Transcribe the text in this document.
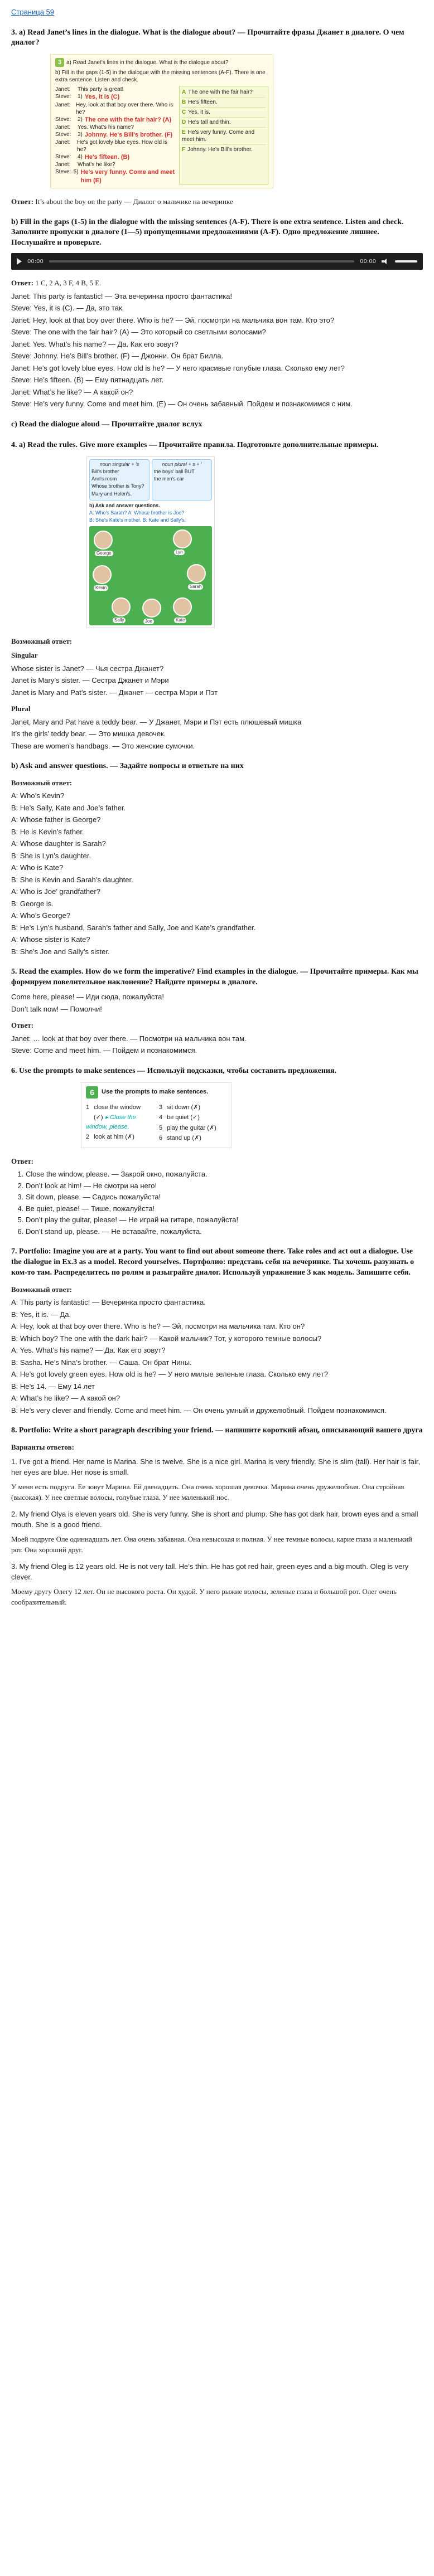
Страница 59
3. a) Read Janet’s lines in the dialogue. What is the dialogue about? — Прочитайте фразы Джанет в диалоге. О чем диалог?

3 a) Read Janet's lines in the dialogue. What is the dialogue about?

b) Fill in the gaps (1-5) in the dialogue with the missing sentences (A-F). There is one extra sentence. Listen and check.

Janet:	This party is great!
Steve:	1) Yes, it is (C)
Janet: Hey, look at that boy over there. Who is he?
Steve:	2) The one with the fair hair? (A)
Janet:	Yes. What's his name?
Steve:	3) Johnny. He's Bill's brother. (F)
Janet:	He's got lovely blue eyes. How old is he?
Steve:	4) He's fifteen. (B)
Janet:	What's he like?
Steve: 5) He's very funny. Come and meet him (E)
A The one with the fair hair?
B He's fifteen.
C Yes, it is.
D He's tall and thin.
E He's very funny. Come and meet him.
F Johnny. He's Bill's brother.

Ответ: It’s about the boy on the party — Диалог о мальчике на вечеринке

b) Fill in the gaps (1-5) in the dialogue with the missing sentences (A-F). There is one extra sentence. Listen and check. Заполните пропуски в диалоге (1—5) пропущенными предложениями (A-F). Одно предложение лишнее. Послушайте и проверьте.
00:00	00:00

Ответ: 1 C, 2 A, 3 F, 4 B, 5 E.

Janet: This party is fantastic! — Эта вечеринка просто фантастика!

Steve: Yes, it is (C). — Да, это так.

Janet: Hey, look at that boy over there. Who is he? — Эй, посмотри на мальчика вон там. Кто это?

Steve: The one with the fair hair? (A) — Это который со светлыми волосами?

Janet: Yes. What’s his name? — Да. Как его зовут?

Steve: Johnny. He’s Bill’s brother. (F) — Джонни. Он брат Билла.

Janet: He’s got lovely blue eyes. How old is he? — У него красивые голубые глаза. Сколько ему лет?

Steve: He’s fifteen. (B) — Ему пятнадцать лет.

Janet: What’s he like? — А какой он?

Steve: He’s very funny. Come and meet him. (E) — Он очень забавный. Пойдем и познакомимся с ним.

c) Read the dialogue aloud — Прочитайте диалог вслух
4. a) Read the rules. Give more examples — Прочитайте правила. Подготовьте дополнительные примеры.
noun singular + 's

Bill's brother

Ann's room

Whose brother is Tony?

Mary and Helen's.

noun plural + s + '

the boys' ball BUT

the men's car

b) Ask and answer questions.

A: Who's Sarah? A: Whose brother is Joe?

B: She's Kate's mother. B: Kate and Sally's.

George	Lyn
Kevin	Sarah
Sally	Joe	Kate

Возможный ответ:

Singular

Whose sister is Janet? — Чья сестра Джанет?

Janet is Mary’s sister. — Сестра Джанет и Мэри

Janet is Mary and Pat’s sister. — Джанет — сестра Мэри и Пэт

Plural

Janet, Mary and Pat have a teddy bear. — У Джанет, Мэри и Пэт есть плюшевый мишка

It’s the girls’ teddy bear. — Это мишка девочек.

These are women’s handbags. — Это женские сумочки.

b) Ask and answer questions. — Задайте вопросы и ответьте на них

Возможный ответ:

A: Who’s Kevin?

B: He’s Sally, Kate and Joe’s father.

A: Whose father is George?

B: He is Kevin’s father.

A: Whose daughter is Sarah?

B: She is Lyn’s daughter.

A: Who is Kate?

B: She is Kevin and Sarah’s daughter.

A: Who is Joe’ grandfather?

B: George is.

A: Who’s George?

B: He’s Lyn’s husband, Sarah’s father and Sally, Joe and Kate’s grandfather.

A: Whose sister is Kate?

B: She’s Joe and Sally’s sister.

5. Read the examples. How do we form the imperative? Find examples in the dialogue. — Прочитайте примеры. Как мы формируем повелительное наклонение? Найдите примеры в диалоге.

Come here, please! — Иди сюда, пожалуйста!

Don’t talk now! — Помолчи!

Ответ:

Janet: … look at that boy over there. — Посмотри на мальчика вон там.

Steve: Come and meet him. — Пойдем и познакомимся.

6. Use the prompts to make sentences — Используй подсказки, чтобы составить предложения.
6	Use the prompts to make sentences.
1 close the window
(✓) ▸ Close the window, please.
2 look at him (✗)
3 sit down (✗)
4 be quiet (✓)
5 play the guitar (✗)
6 stand up (✗)

Ответ:

1. Close the window, please. — Закрой окно, пожалуйста.
2. Don’t look at him! — Не смотри на него!
3. Sit down, please. — Садись пожалуйста!
4. Be quiet, please! — Тише, пожалуйста!
5. Don’t play the guitar, please! — Не играй на гитаре, пожалуйста!
6. Don’t stand up, please. — Не вставайте, пожалуйста.
7. Portfolio: Imagine you are at a party. You want to find out about someone there. Take roles and act out a dialogue. Use the dialogue in Ex.3 as a model. Record yourselves. Портфолио: представь себя на вечеринке. Ты хочешь разузнать о ком-то там. Распределитесь по ролям и разыграйте диалог. Используй упражнение 3 как модель. Запишите себя.

Возможный ответ:

A: This party is fantastic! — Вечеринка просто фантастика.

B: Yes, it is. — Да.

A: Hey, look at that boy over there. Who is he? — Эй, посмотри на мальчика там. Кто он?

B: Which boy? The one with the dark hair? — Какой мальчик? Тот, у которого темные волосы?

A: Yes. What’s his name? — Да. Как его зовут?

B: Sasha. He’s Nina’s brother. — Саша. Он брат Нины.

A: He’s got lovely green eyes. How old is he? — У него милые зеленые глаза. Сколько ему лет?

B: He’s 14. — Ему 14 лет

A: What’s he like? — А какой он?

B: He’s very clever and friendly. Come and meet him. — Он очень умный и дружелюбный. Пойдем познакомимся.

8. Portfolio: Write a short paragraph describing your friend. — напишите короткий абзац, описывающий вашего друга

Варианты ответов:

1. I’ve got a friend. Her name is Marina. She is twelve. She is a nice girl. Marina is very friendly. She is slim (tall). Her hair is fair, her eyes are blue. Her nose is small.

У меня есть подруга. Ее зовут Марина. Ей двенадцать. Она очень хорошая девочка. Марина очень дружелюбная. Она стройная (высокая). У нее светлые волосы, голубые глаза. У нее маленький нос.

2. My friend Olya is eleven years old. She is very funny. She is short and plump. She has got dark hair, brown eyes and a small mouth. She is a good friend.

Моей подруге Оле одиннадцать лет. Она очень забавная. Она невысокая и полная. У нее темные волосы, карие глаза и маленький рот. Она хороший друг.

3. My friend Oleg is 12 years old. He is not very tall. He’s thin. He has got red hair, green eyes and a big mouth. Oleg is very clever.

Моему другу Олегу 12 лет. Он не высокого роста. Он худой. У него рыжие волосы, зеленые глаза и большой рот. Олег очень сообразительный.
